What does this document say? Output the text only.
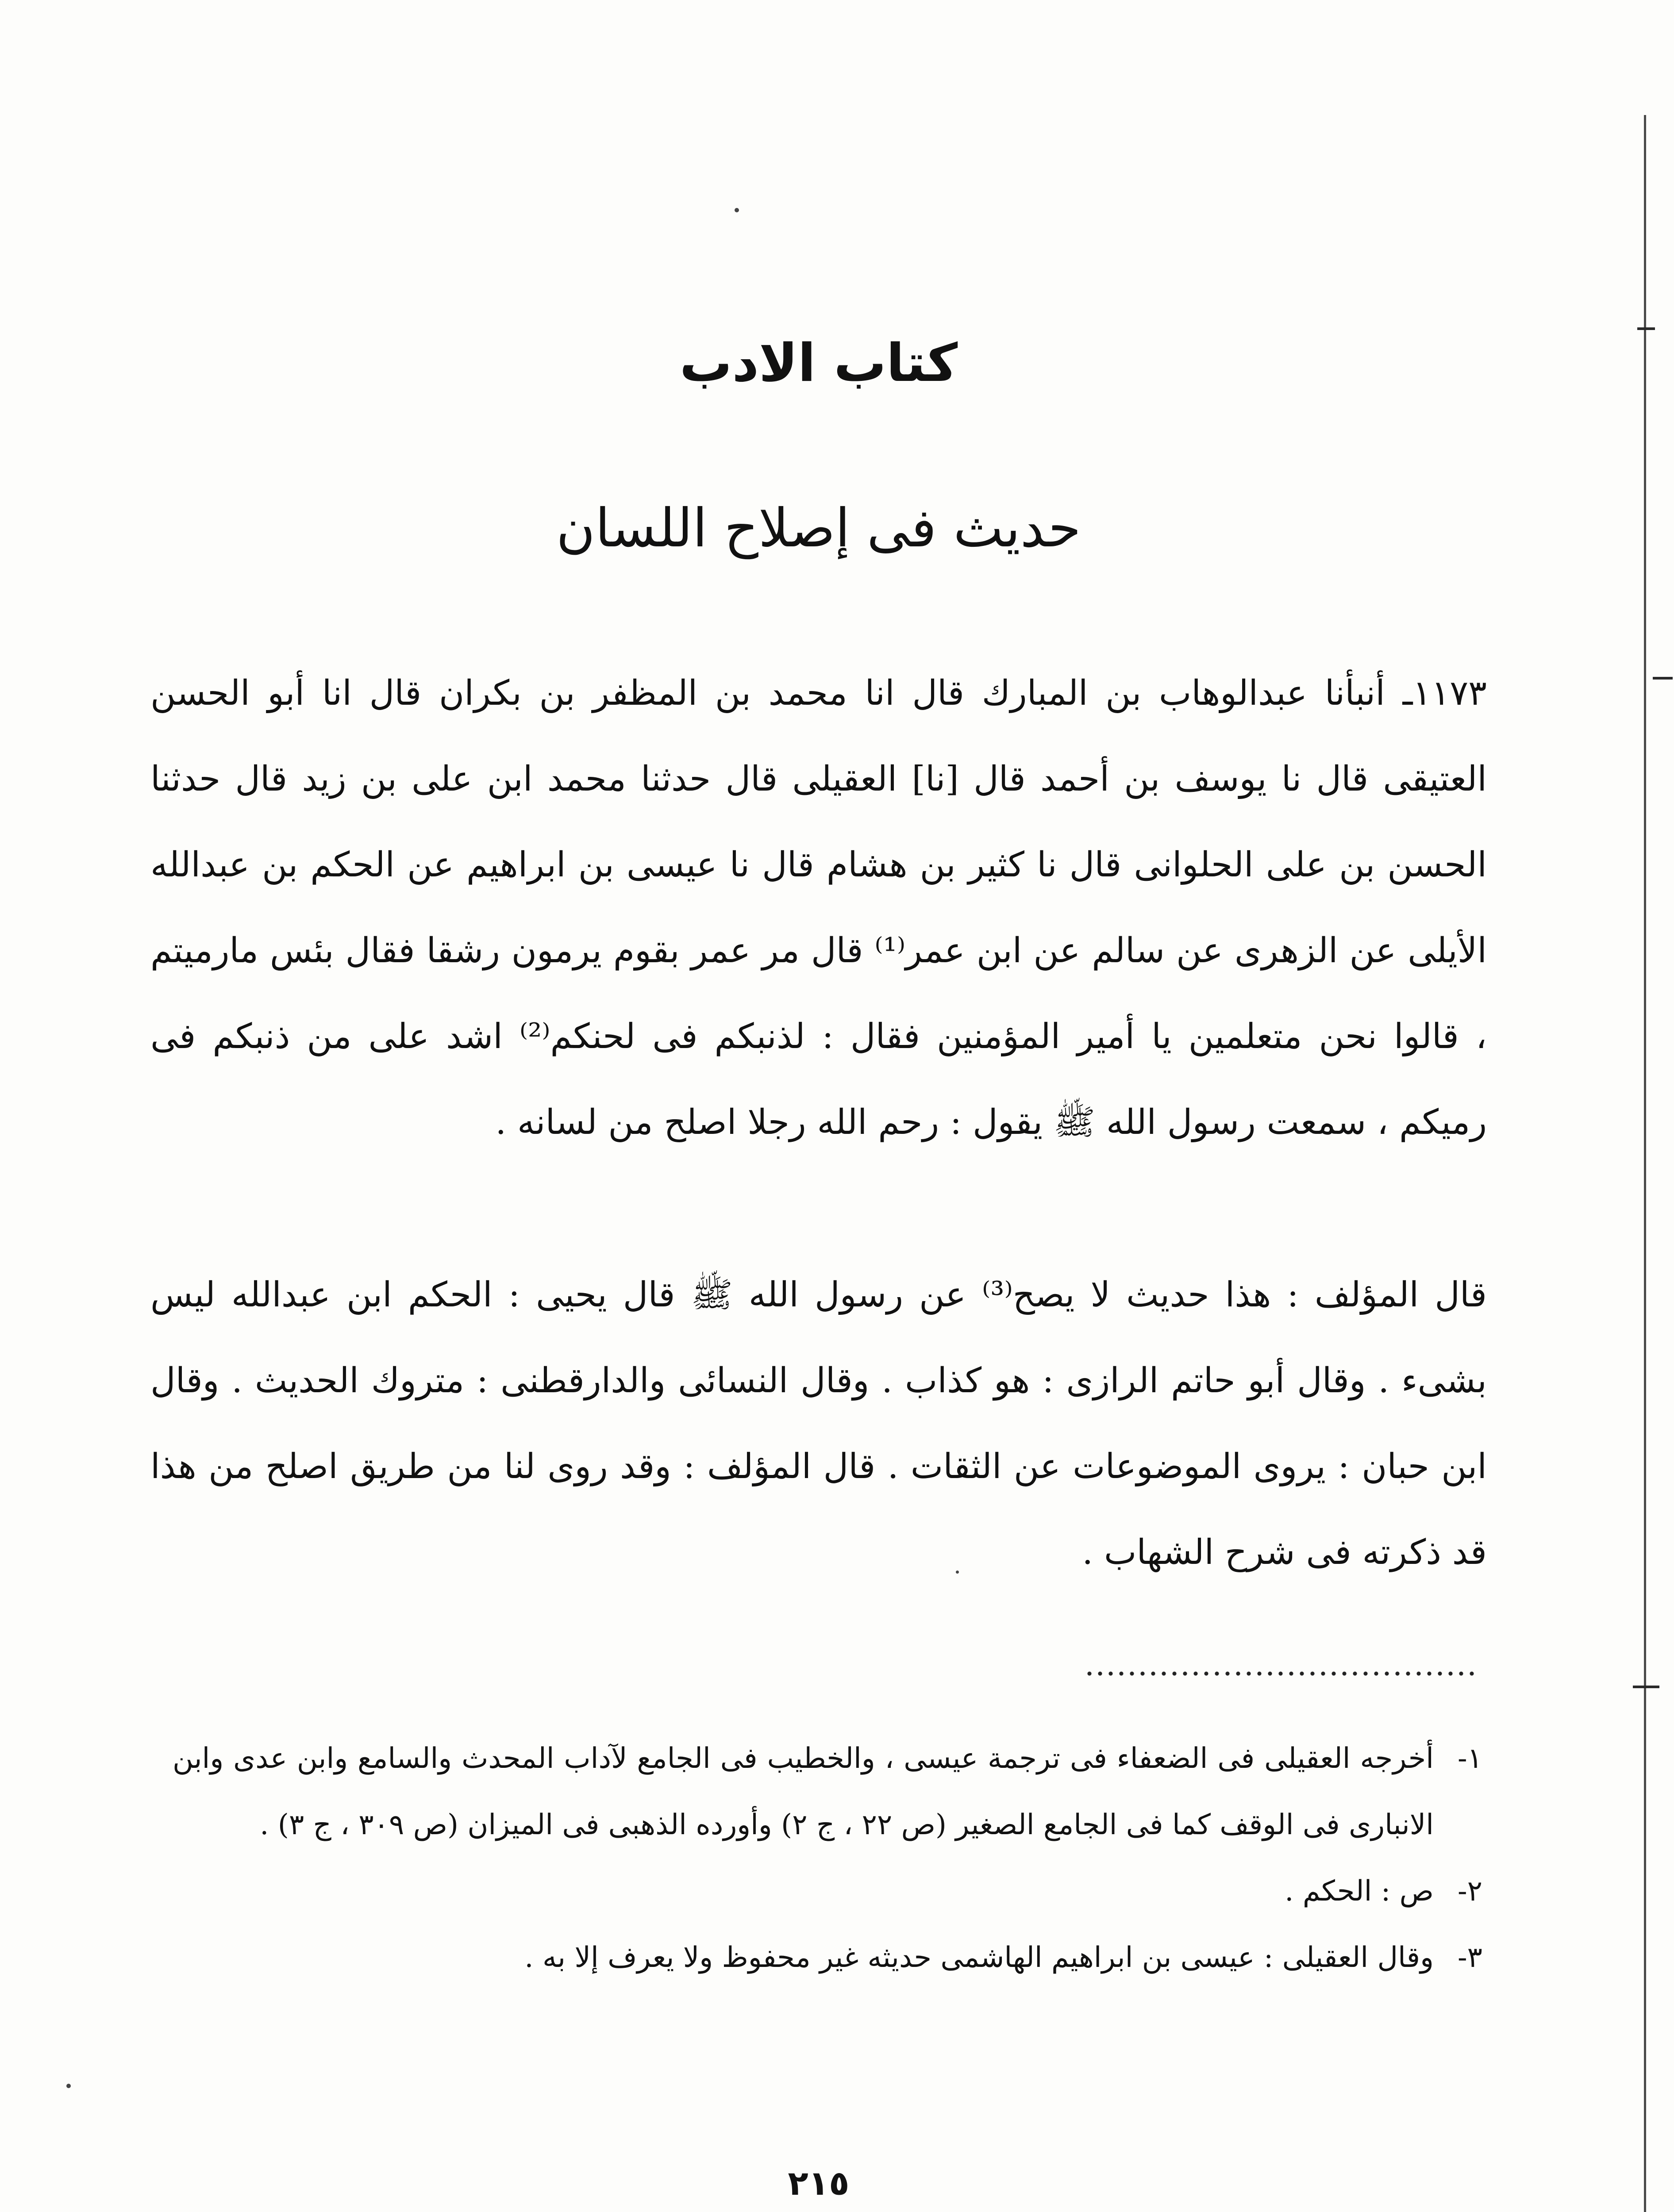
كتاب الادب
حديث فى إصلاح اللسان

١١٧٣ـ أنبأنا عبدالوهاب بن المبارك قال انا محمد بن المظفر بن بكران قال انا أبو الحسن العتيقى قال نا يوسف بن أحمد قال [نا] العقيلى قال حدثنا محمد ابن على بن زيد قال حدثنا الحسن بن على الحلوانى قال نا كثير بن هشام قال نا عيسى بن ابراهيم عن الحكم بن عبدالله الأيلى عن الزهرى عن سالم عن ابن عمر⁽¹⁾ قال مر عمر بقوم يرمون رشقا فقال بئس مارميتم ، قالوا نحن متعلمين يا أمير المؤمنين فقال : لذنبكم فى لحنكم⁽²⁾ اشد على من ذنبكم فى رميكم ، سمعت رسول الله ﷺ يقول : رحم الله رجلا اصلح من لسانه .

قال المؤلف : هذا حديث لا يصح⁽³⁾ عن رسول الله ﷺ قال يحيى : الحكم ابن عبدالله ليس بشىء . وقال أبو حاتم الرازى : هو كذاب . وقال النسائى والدارقطنى : متروك الحديث . وقال ابن حبان : يروى الموضوعات عن الثقات . قال المؤلف : وقد روى لنا من طريق اصلح من هذا قد ذكرته فى شرح الشهاب .

١-
أخرجه العقيلى فى الضعفاء فى ترجمة عيسى ، والخطيب فى الجامع لآداب المحدث والسامع وابن عدى وابن الانبارى فى الوقف كما فى الجامع الصغير (ص ٢٢ ، ج ٢) وأورده الذهبى فى الميزان (ص ٣٠٩ ، ج ٣) .
٢-
ص : الحكم .
٣-
وقال العقيلى : عيسى بن ابراهيم الهاشمى حديثه غير محفوظ ولا يعرف إلا به .
٢١٥
